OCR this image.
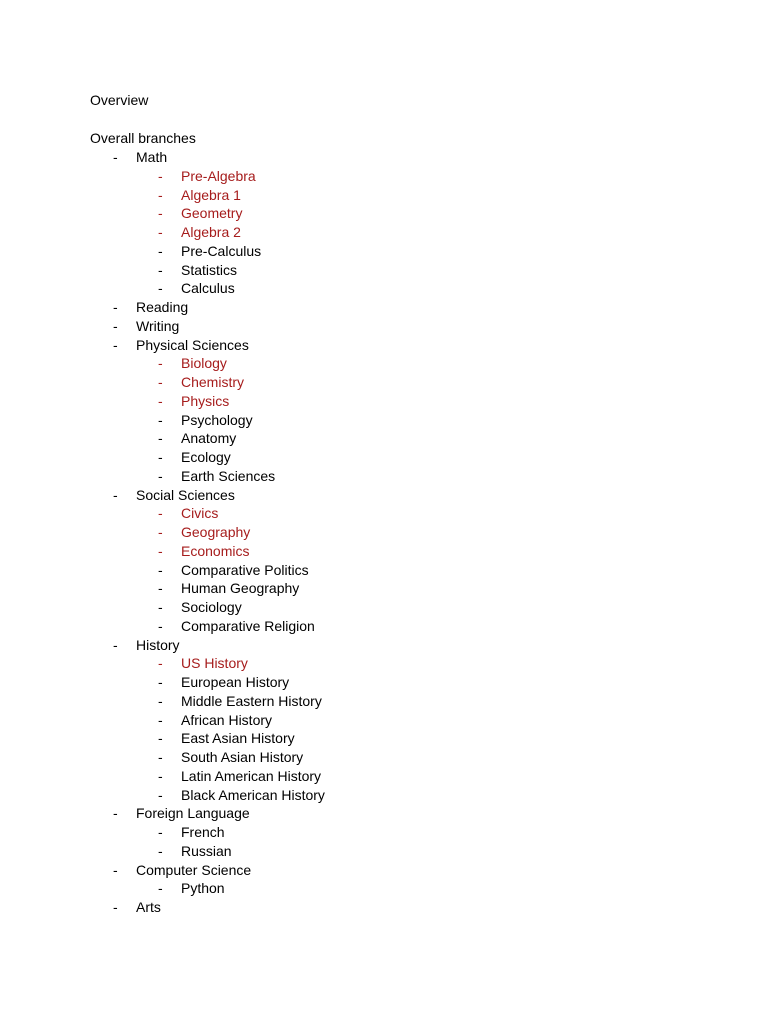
Overview

Overall branches

- Math
- Pre-Algebra
- Algebra 1
- Geometry
- Algebra 2
- Pre-Calculus
- Statistics
- Calculus
- Reading
- Writing
- Physical Sciences
- Biology
- Chemistry
- Physics
- Psychology
- Anatomy
- Ecology
- Earth Sciences
- Social Sciences
- Civics
- Geography
- Economics
- Comparative Politics
- Human Geography
- Sociology
- Comparative Religion
- History
- US History
- European History
- Middle Eastern History
- African History
- East Asian History
- South Asian History
- Latin American History
- Black American History
- Foreign Language
- French
- Russian
- Computer Science
- Python
- Arts
